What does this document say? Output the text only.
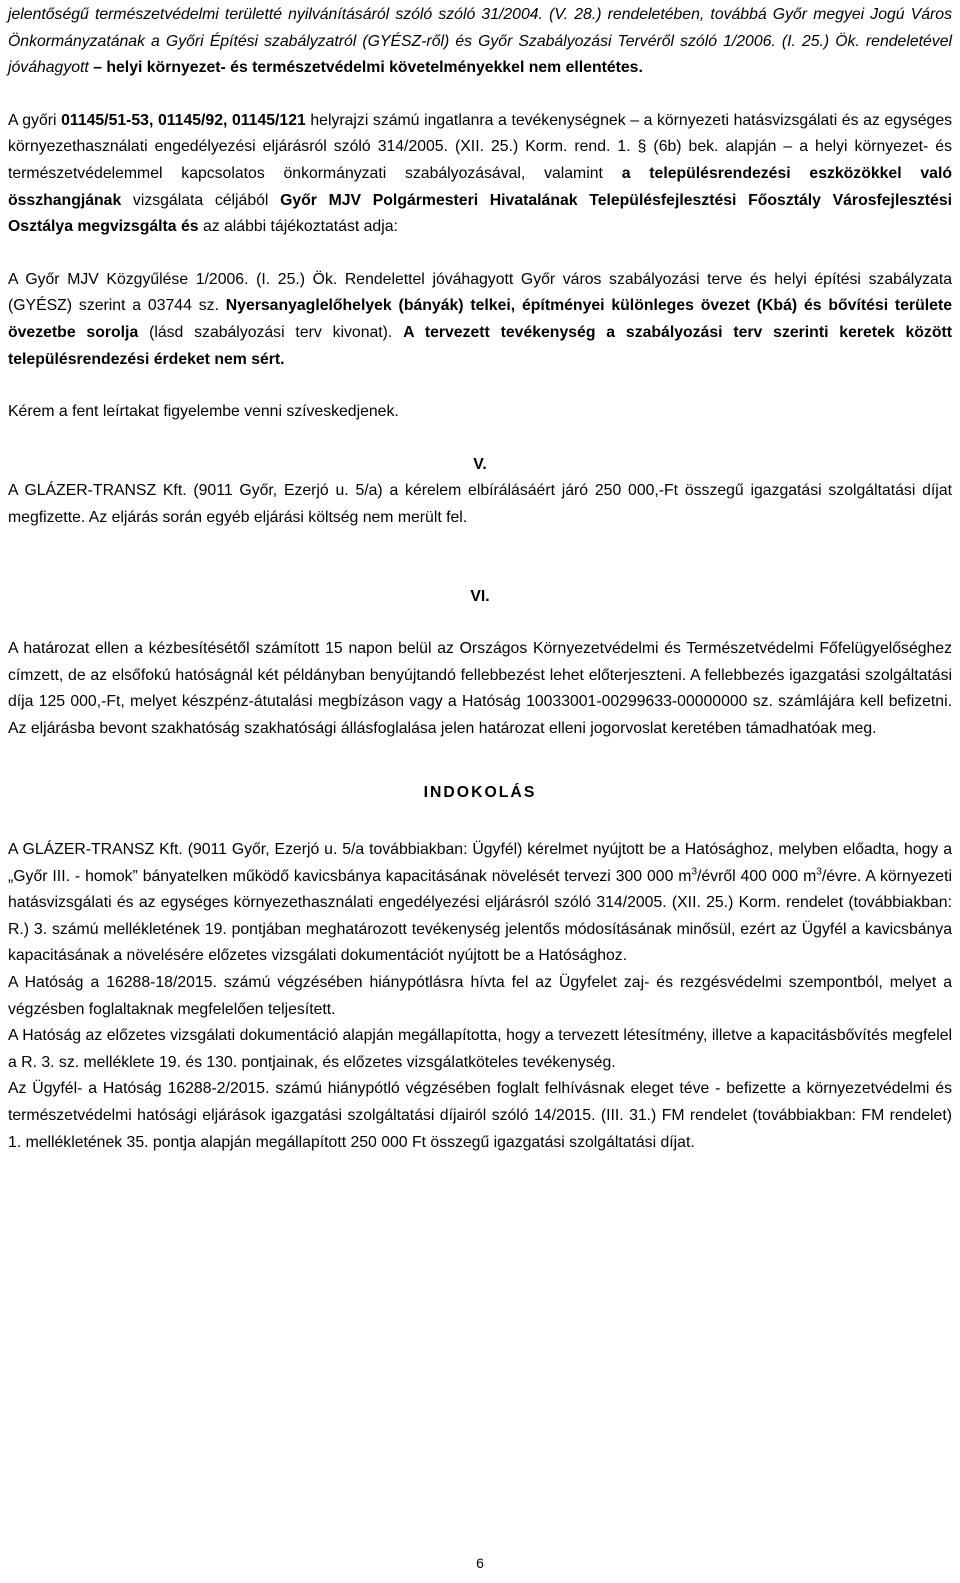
jelentőségű természetvédelmi területté nyilvánításáról szóló szóló 31/2004. (V. 28.) rendeletében, továbbá Győr megyei Jogú Város Önkormányzatának a Győri Építési szabályzatról (GYÉSZ-ről) és Győr Szabályozási Tervéről szóló 1/2006. (I. 25.) Ök. rendeletével jóváhagyott – helyi környezet- és természetvédelmi követelményekkel nem ellentétes.

A győri 01145/51-53, 01145/92, 01145/121 helyrajzi számú ingatlanra a tevékenységnek – a környezeti hatásvizsgálati és az egységes környezethasználati engedélyezési eljárásról szóló 314/2005. (XII. 25.) Korm. rend. 1. § (6b) bek. alapján – a helyi környezet- és természetvédelemmel kapcsolatos önkormányzati szabályozásával, valamint a településrendezési eszközökkel való összhangjának vizsgálata céljából Győr MJV Polgármesteri Hivatalának Településfejlesztési Főosztály Városfejlesztési Osztálya megvizsgálta és az alábbi tájékoztatást adja:

A Győr MJV Közgyűlése 1/2006. (I. 25.) Ök. Rendelettel jóváhagyott Győr város szabályozási terve és helyi építési szabályzata (GYÉSZ) szerint a 03744 sz. Nyersanyaglelőhelyek (bányák) telkei, építményei különleges övezet (Kbá) és bővítési területe övezetbe sorolja (lásd szabályozási terv kivonat). A tervezett tevékenység a szabályozási terv szerinti keretek között településrendezési érdeket nem sért.

Kérem a fent leírtakat figyelembe venni szíveskedjenek.

V.

A GLÁZER-TRANSZ Kft. (9011 Győr, Ezerjó u. 5/a) a kérelem elbírálásáért járó 250 000,-Ft összegű igazgatási szolgáltatási díjat megfizette. Az eljárás során egyéb eljárási költség nem merült fel.

VI.

A határozat ellen a kézbesítésétől számított 15 napon belül az Országos Környezetvédelmi és Természetvédelmi Főfelügyelőséghez címzett, de az elsőfokú hatóságnál két példányban benyújtandó fellebbezést lehet előterjeszteni. A fellebbezés igazgatási szolgáltatási díja 125 000,-Ft, melyet készpénz-átutalási megbízáson vagy a Hatóság 10033001-00299633-00000000 sz. számlájára kell befizetni. Az eljárásba bevont szakhatóság szakhatósági állásfoglalása jelen határozat elleni jogorvoslat keretében támadhatóak meg.

INDOKOLÁS

A GLÁZER-TRANSZ Kft. (9011 Győr, Ezerjó u. 5/a továbbiakban: Ügyfél) kérelmet nyújtott be a Hatósághoz, melyben előadta, hogy a „Győr III. - homok” bányatelken működő kavicsbánya kapacitásának növelését tervezi 300 000 $m^3$/évről 400 000 $m^3$/évre. A környezeti hatásvizsgálati és az egységes környezethasználati engedélyezési eljárásról szóló 314/2005. (XII. 25.) Korm. rendelet (továbbiakban: R.) 3. számú mellékletének 19. pontjában meghatározott tevékenység jelentős módosításának minősül, ezért az Ügyfél a kavicsbánya kapacitásának a növelésére előzetes vizsgálati dokumentációt nyújtott be a Hatósághoz.

A Hatóság a 16288-18/2015. számú végzésében hiánypótlásra hívta fel az Ügyfelet zaj- és rezgésvédelmi szempontból, melyet a végzésben foglaltaknak megfelelően teljesített.

A Hatóság az előzetes vizsgálati dokumentáció alapján megállapította, hogy a tervezett létesítmény, illetve a kapacitásbővítés megfelel a R. 3. sz. melléklete 19. és 130. pontjainak, és előzetes vizsgálatköteles tevékenység.

Az Ügyfél- a Hatóság 16288-2/2015. számú hiánypótló végzésében foglalt felhívásnak eleget téve - befizette a környezetvédelmi és természetvédelmi hatósági eljárások igazgatási szolgáltatási díjairól szóló 14/2015. (III. 31.) FM rendelet (továbbiakban: FM rendelet) 1. mellékletének 35. pontja alapján megállapított 250 000 Ft összegű igazgatási szolgáltatási díjat.

6
